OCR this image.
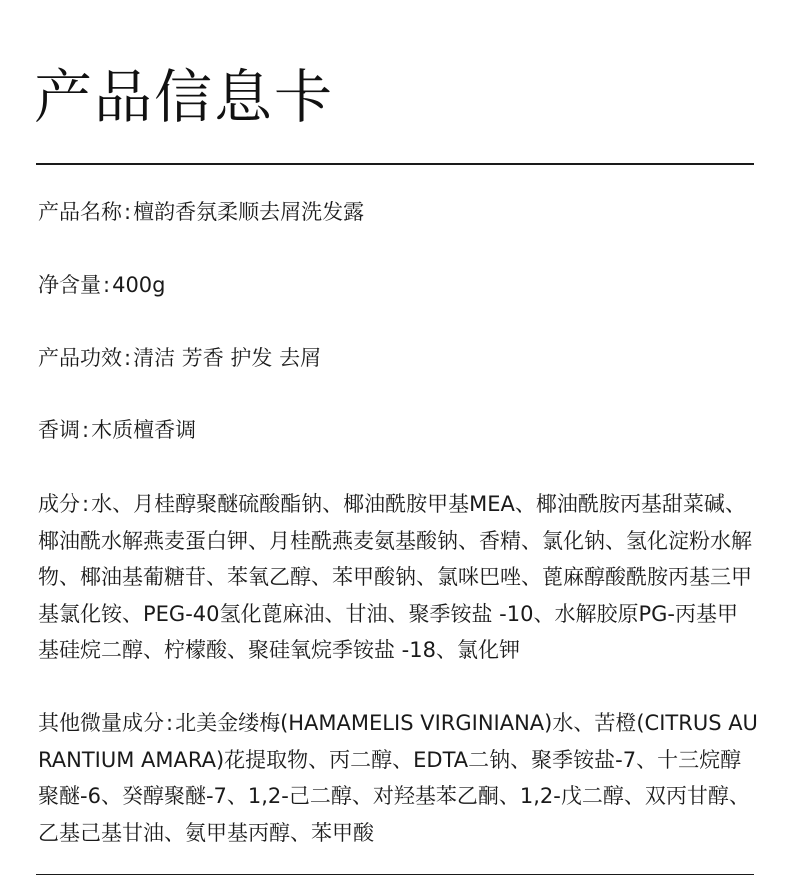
产品信息卡
产品名称:檀韵香氛柔顺去屑洗发露
净含量:400g
产品功效:清洁 芳香 护发 去屑
香调:木质檀香调
成分:水、月桂醇聚醚硫酸酯钠、椰油酰胺甲基MEA、椰油酰胺丙基甜菜碱、椰油酰水解燕麦蛋白钾、月桂酰燕麦氨基酸钠、香精、氯化钠、氢化淀粉水解物、椰油基葡糖苷、苯氧乙醇、苯甲酸钠、氯咪巴唑、蓖麻醇酸酰胺丙基三甲基氯化铵、PEG-40氢化蓖麻油、甘油、聚季铵盐 -10、水解胶原PG-丙基甲基硅烷二醇、柠檬酸、聚硅氧烷季铵盐 -18、氯化钾
其他微量成分:北美金缕梅(HAMAMELIS VIRGINIANA)水、苦橙(CITRUS AURANTIUM AMARA)花提取物、丙二醇、EDTA二钠、聚季铵盐-7、十三烷醇聚醚-6、癸醇聚醚-7、1,2-己二醇、对羟基苯乙酮、1,2-戊二醇、双丙甘醇、乙基己基甘油、氨甲基丙醇、苯甲酸
